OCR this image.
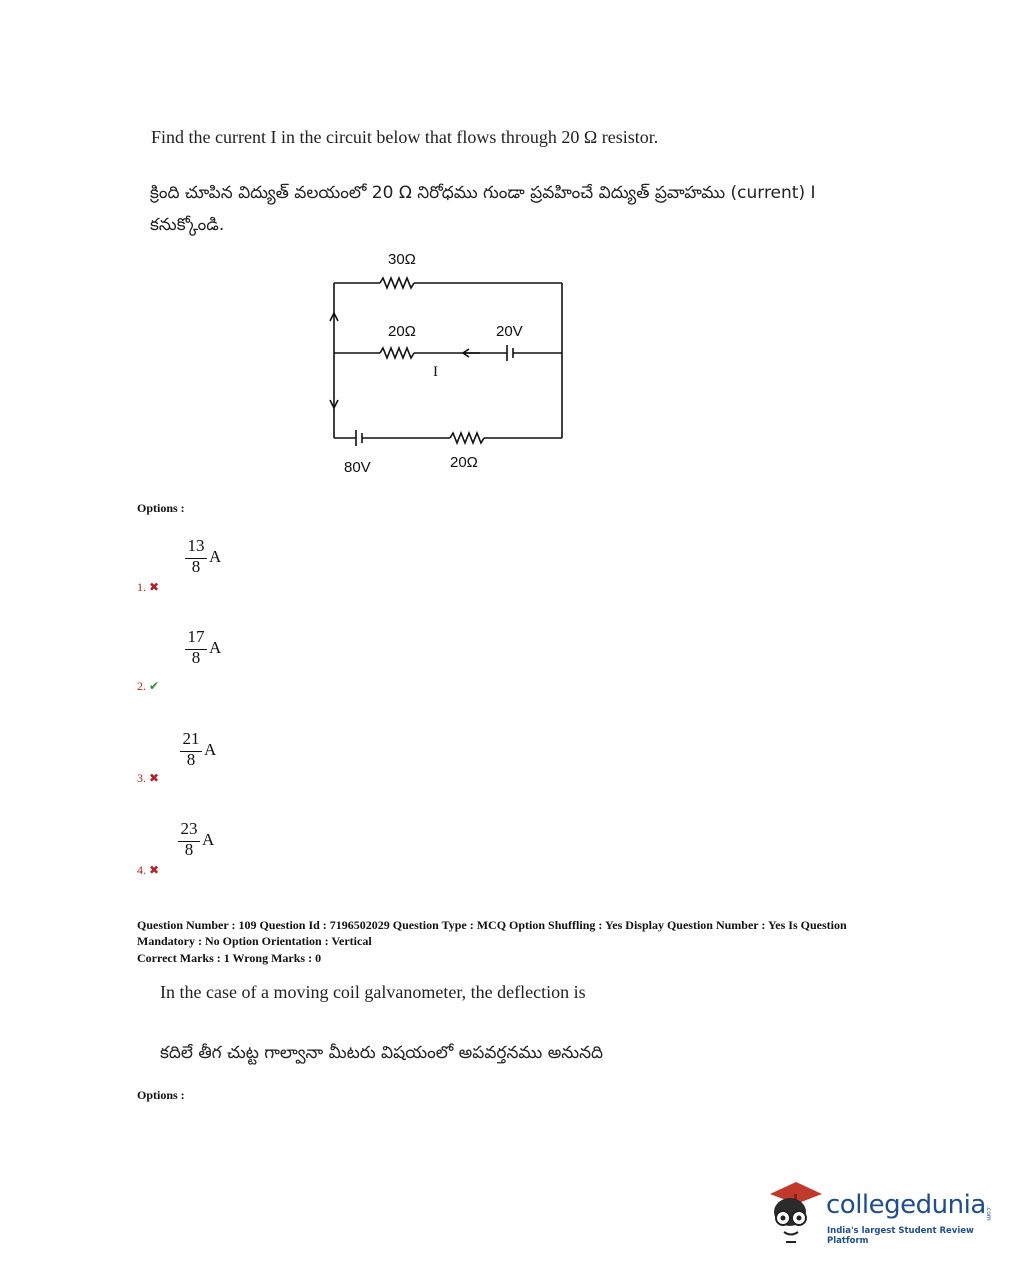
Find the current I in the circuit below that flows through 20 Ω resistor.
క్రింది చూపిన విద్యుత్ వలయంలో 20 Ω నిరోధము గుండా ప్రవహించే విద్యుత్ ప్రవాహము (current) I
కనుక్కోండి.
30Ω
20Ω	20V
I
80V	20Ω
Options :
13
8
A
1. ✖
17
8
A
2. ✔
21
8
A
3. ✖
23
8
A
4. ✖
Question Number : 109 Question Id : 7196502029 Question Type : MCQ Option Shuffling : Yes Display Question Number : Yes Is Question
Mandatory : No Option Orientation : Vertical
Correct Marks : 1 Wrong Marks : 0
In the case of a moving coil galvanometer, the deflection is
కదిలే తీగ చుట్ట గాల్వానా మీటరు విషయంలో అపవర్తనము అనునది
Options :
collegedunia .com
India's largest Student Review Platform
